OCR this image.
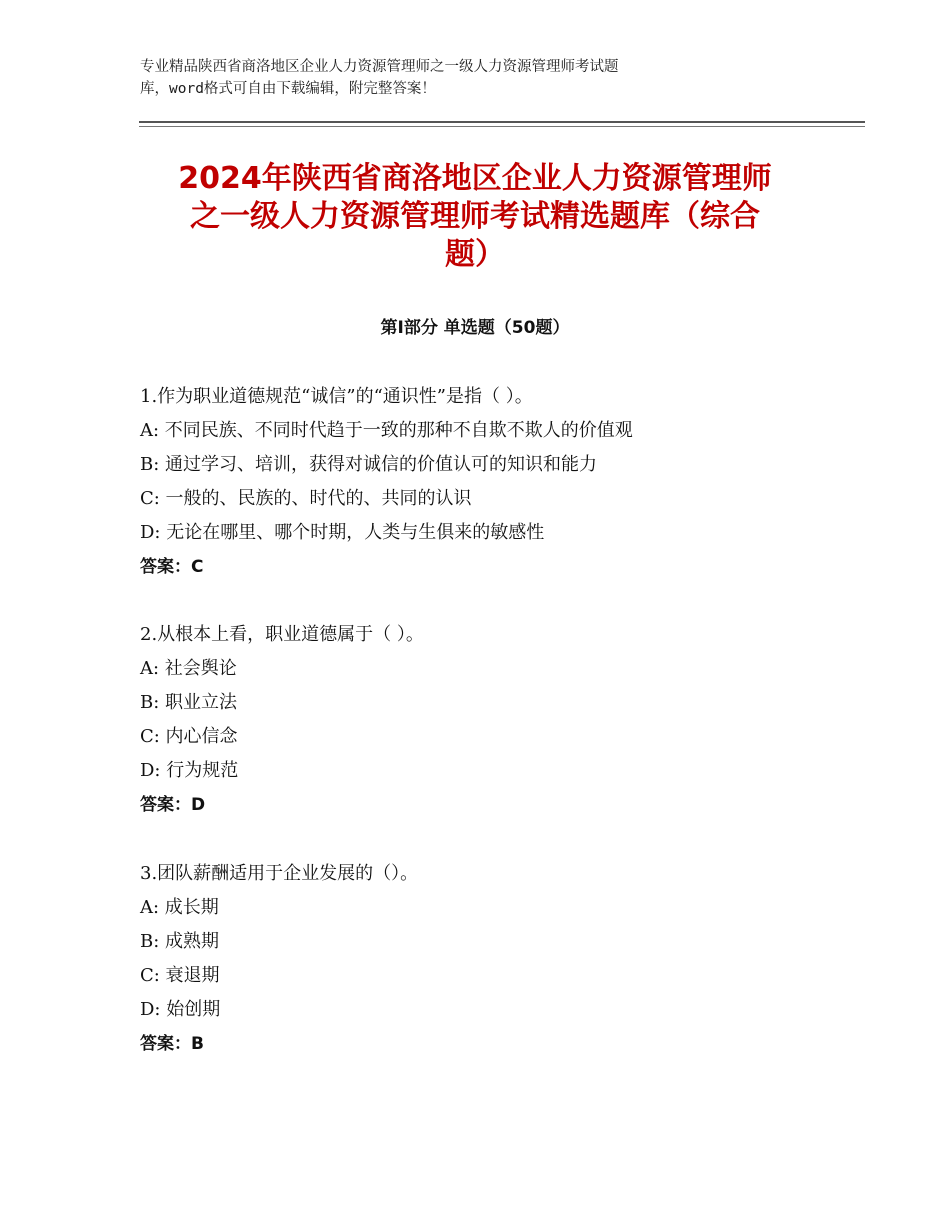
专业精品陕西省商洛地区企业人力资源管理师之一级人力资源管理师考试题
库，word格式可自由下载编辑，附完整答案！
2024年陕西省商洛地区企业人力资源管理师
之一级人力资源管理师考试精选题库（综合
题）
第Ⅰ部分 单选题（50题）
1.作为职业道德规范“诚信”的“通识性”是指（ ）。
A: 不同民族、不同时代趋于一致的那种不自欺不欺人的价值观
B: 通过学习、培训，获得对诚信的价值认可的知识和能力
C: 一般的、民族的、时代的、共同的认识
D: 无论在哪里、哪个时期，人类与生俱来的敏感性
答案：C
2.从根本上看，职业道德属于（ ）。
A: 社会舆论
B: 职业立法
C: 内心信念
D: 行为规范
答案：D
3.团队薪酬适用于企业发展的（）。
A: 成长期
B: 成熟期
C: 衰退期
D: 始创期
答案：B
